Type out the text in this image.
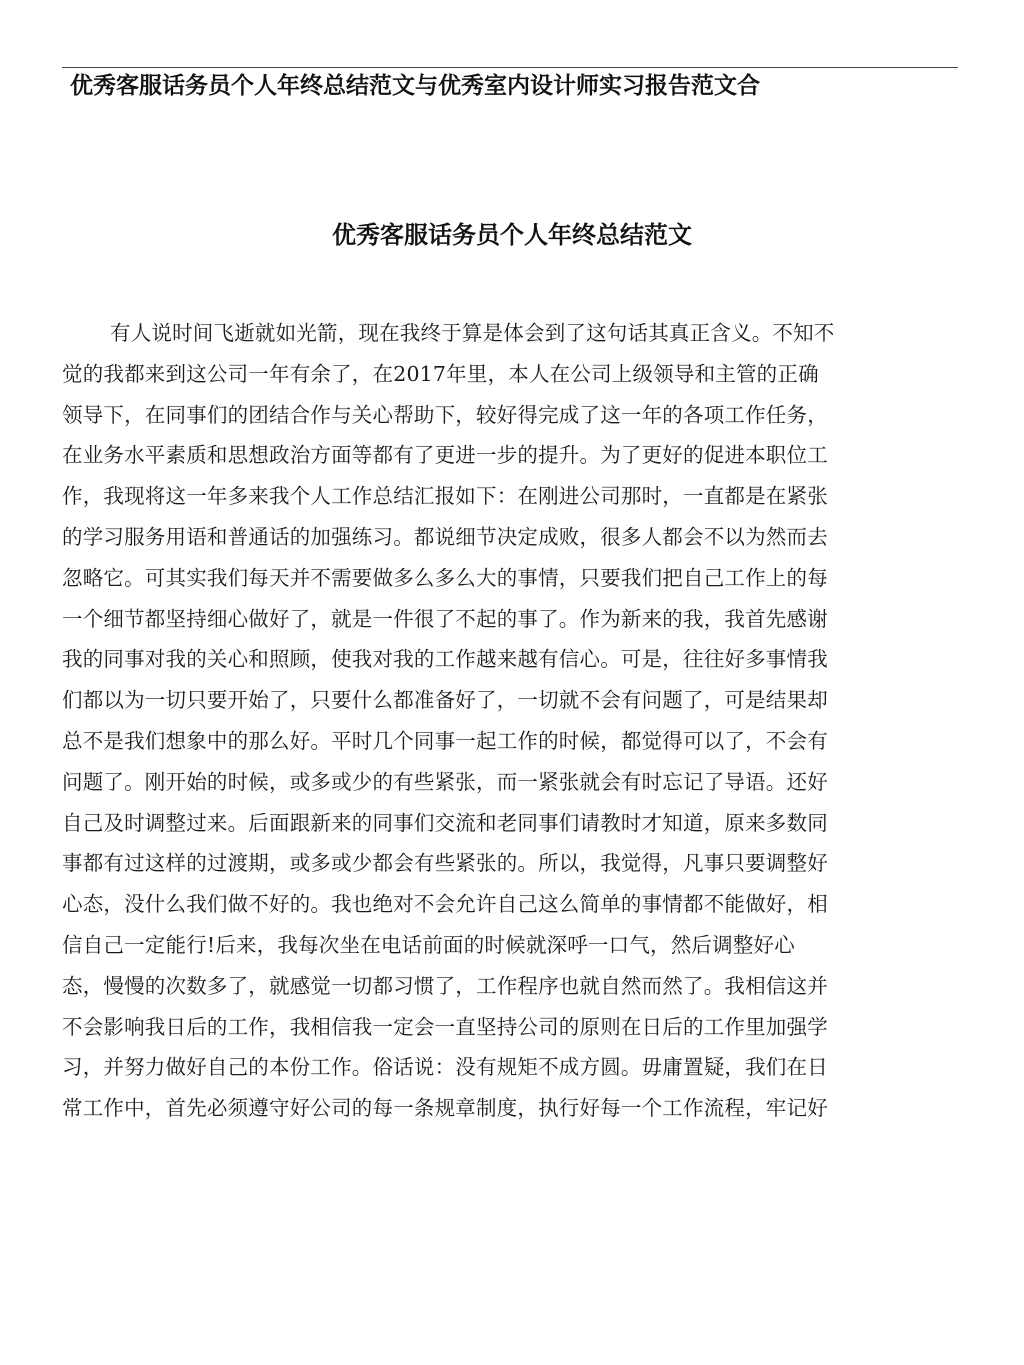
优秀客服话务员个人年终总结范文与优秀室内设计师实习报告范文合
优秀客服话务员个人年终总结范文
有人说时间飞逝就如光箭，现在我终于算是体会到了这句话其真正含义。不知不
觉的我都来到这公司一年有余了，在2017年里，本人在公司上级领导和主管的正确
领导下，在同事们的团结合作与关心帮助下，较好得完成了这一年的各项工作任务，
在业务水平素质和思想政治方面等都有了更进一步的提升。为了更好的促进本职位工
作，我现将这一年多来我个人工作总结汇报如下：在刚进公司那时，一直都是在紧张
的学习服务用语和普通话的加强练习。都说细节决定成败，很多人都会不以为然而去
忽略它。可其实我们每天并不需要做多么多么大的事情，只要我们把自己工作上的每
一个细节都坚持细心做好了，就是一件很了不起的事了。作为新来的我，我首先感谢
我的同事对我的关心和照顾，使我对我的工作越来越有信心。可是，往往好多事情我
们都以为一切只要开始了，只要什么都准备好了，一切就不会有问题了，可是结果却
总不是我们想象中的那么好。平时几个同事一起工作的时候，都觉得可以了，不会有
问题了。刚开始的时候，或多或少的有些紧张，而一紧张就会有时忘记了导语。还好
自己及时调整过来。后面跟新来的同事们交流和老同事们请教时才知道，原来多数同
事都有过这样的过渡期，或多或少都会有些紧张的。所以，我觉得，凡事只要调整好
心态，没什么我们做不好的。我也绝对不会允许自己这么简单的事情都不能做好，相
信自己一定能行!后来，我每次坐在电话前面的时候就深呼一口气，然后调整好心
态，慢慢的次数多了，就感觉一切都习惯了，工作程序也就自然而然了。我相信这并
不会影响我日后的工作，我相信我一定会一直坚持公司的原则在日后的工作里加强学
习，并努力做好自己的本份工作。俗话说：没有规矩不成方圆。毋庸置疑，我们在日
常工作中，首先必须遵守好公司的每一条规章制度，执行好每一个工作流程，牢记好
